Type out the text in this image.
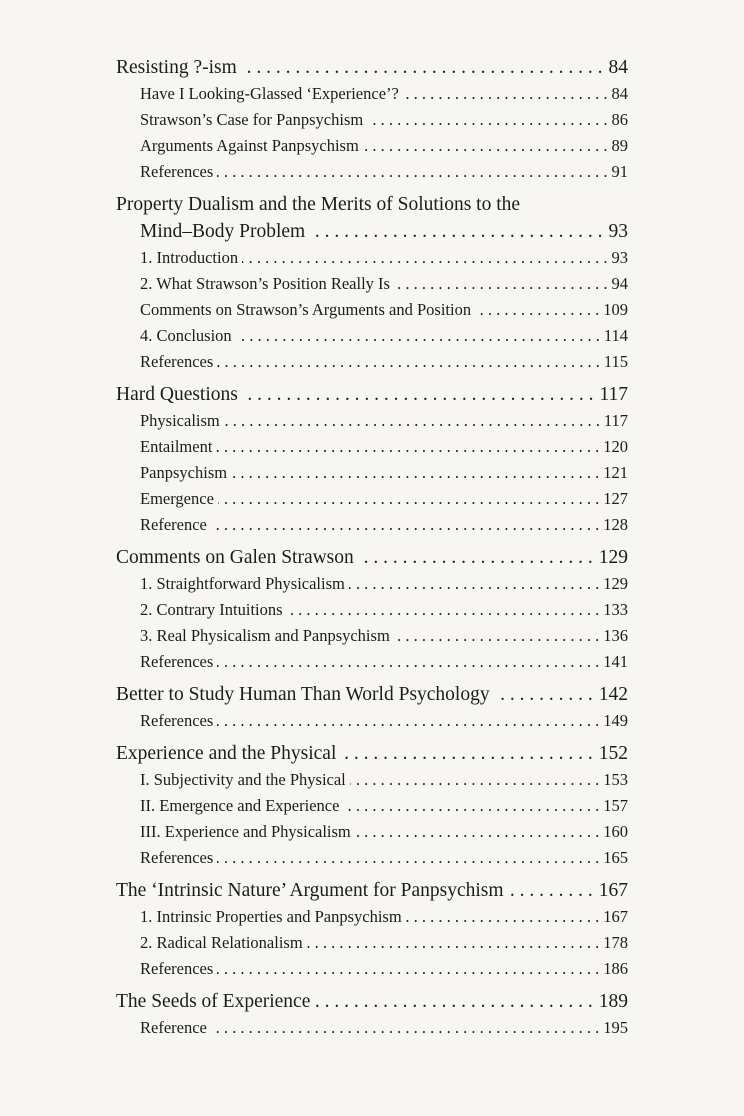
Resisting ?-ism . . .	84
Have I Looking-Glassed ‘Experience’? . . .	84
Strawson’s Case for Panpsychism . . .	86
Arguments Against Panpsychism . . .	89
References . . .	91
Property Dualism and the Merits of Solutions to the
Mind–Body Problem . . .	93
1. Introduction . . .	93
2. What Strawson’s Position Really Is . . .	94
Comments on Strawson’s Arguments and Position . . .	109
4. Conclusion . . .	114
References . . .	115
Hard Questions . . .	117
Physicalism . . .	117
Entailment . . .	120
Panpsychism . . .	121
Emergence . . .	127
Reference . . .	128
Comments on Galen Strawson . . .	129
1. Straightforward Physicalism . . .	129
2. Contrary Intuitions . . .	133
3. Real Physicalism and Panpsychism . . .	136
References . . .	141
Better to Study Human Than World Psychology . . .	142
References . . .	149
Experience and the Physical . . .	152
I. Subjectivity and the Physical . . .	153
II. Emergence and Experience . . .	157
III. Experience and Physicalism . . .	160
References . . .	165
The ‘Intrinsic Nature’ Argument for Panpsychism . . .	167
1. Intrinsic Properties and Panpsychism . . .	167
2. Radical Relationalism . . .	178
References . . .	186
The Seeds of Experience . . .	189
Reference . . .	195
